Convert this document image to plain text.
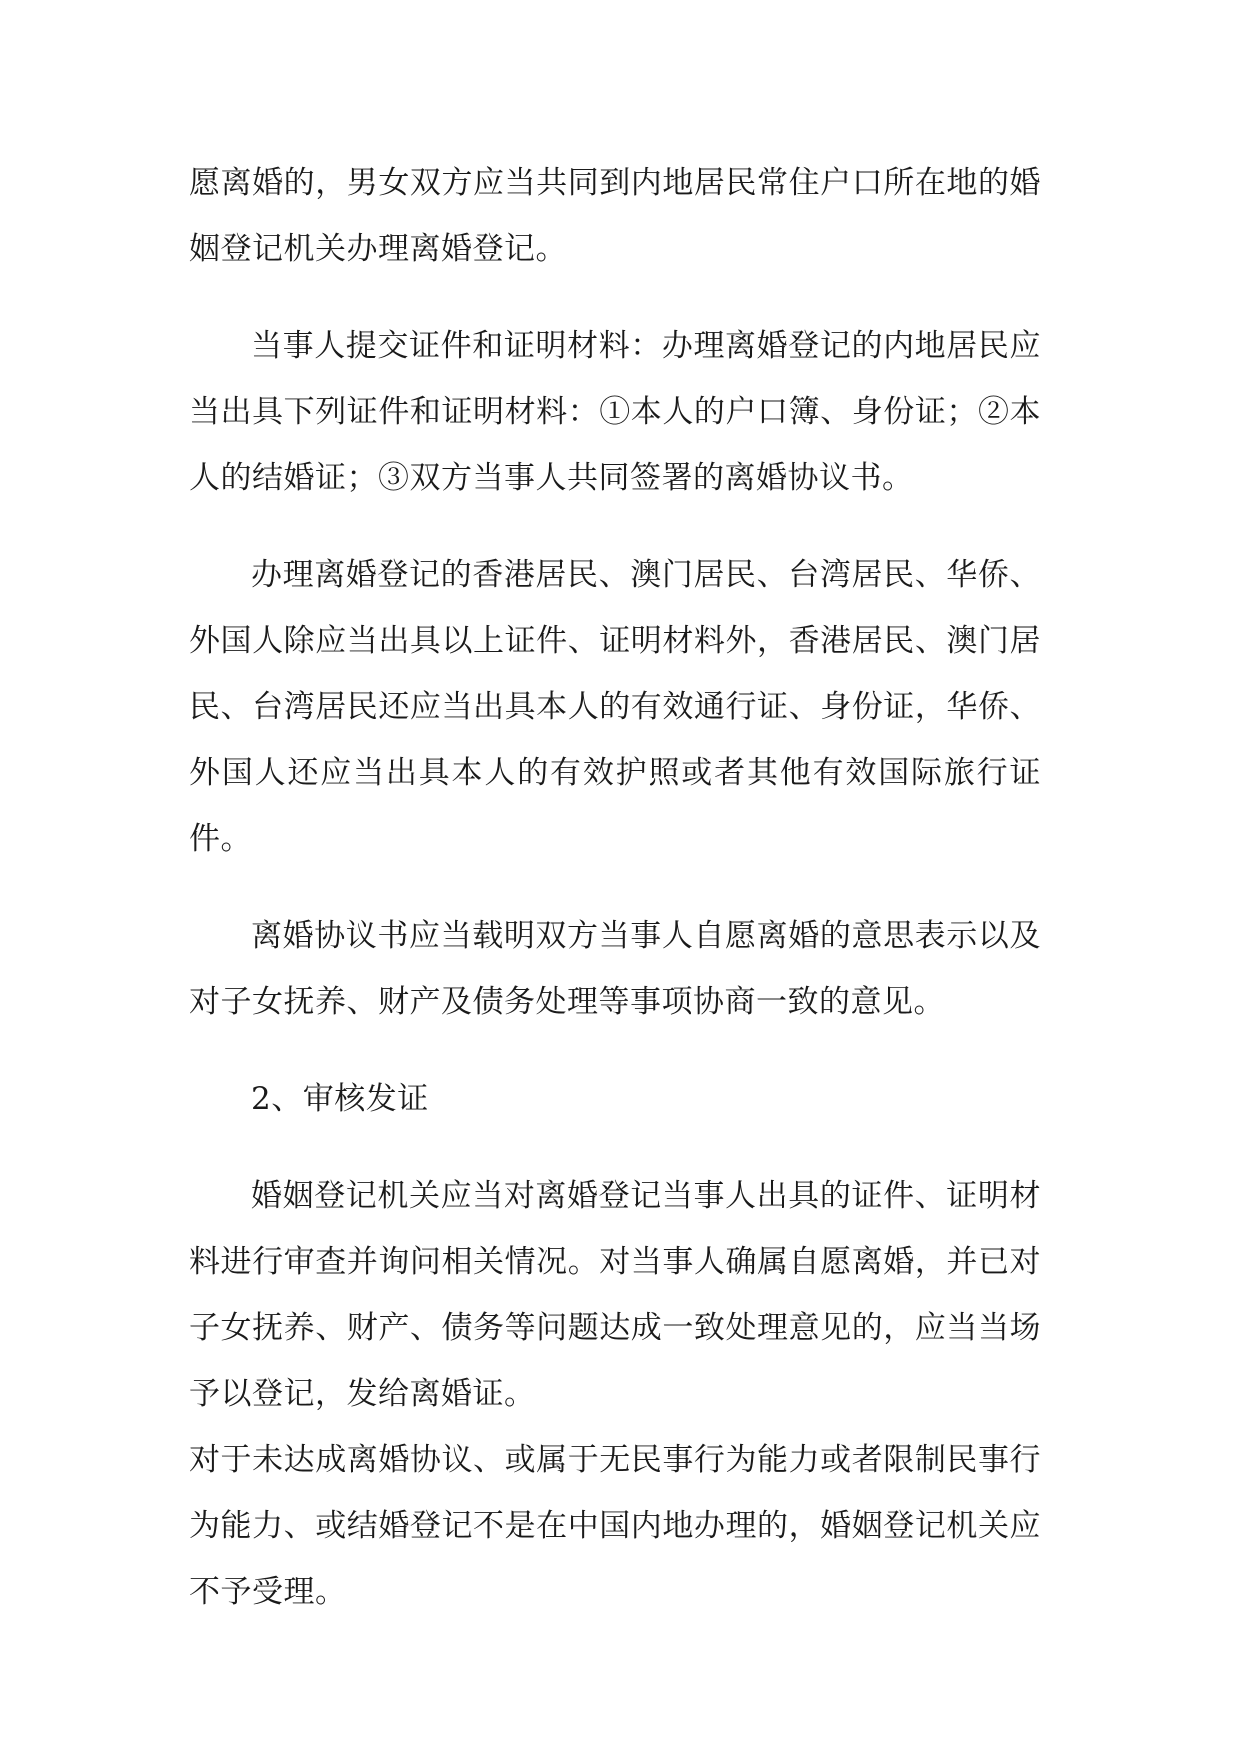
愿离婚的，男女双方应当共同到内地居民常住户口所在地的婚姻登记机关办理离婚登记。

当事人提交证件和证明材料：办理离婚登记的内地居民应当出具下列证件和证明材料：①本人的户口簿、身份证；②本人的结婚证；③双方当事人共同签署的离婚协议书。

办理离婚登记的香港居民、澳门居民、台湾居民、华侨、外国人除应当出具以上证件、证明材料外，香港居民、澳门居民、台湾居民还应当出具本人的有效通行证、身份证，华侨、外国人还应当出具本人的有效护照或者其他有效国际旅行证件。

离婚协议书应当载明双方当事人自愿离婚的意思表示以及对子女抚养、财产及债务处理等事项协商一致的意见。

2、审核发证

婚姻登记机关应当对离婚登记当事人出具的证件、证明材料进行审查并询问相关情况。对当事人确属自愿离婚，并已对子女抚养、财产、债务等问题达成一致处理意见的，应当当场予以登记，发给离婚证。

对于未达成离婚协议、或属于无民事行为能力或者限制民事行为能力、或结婚登记不是在中国内地办理的，婚姻登记机关应不予受理。
